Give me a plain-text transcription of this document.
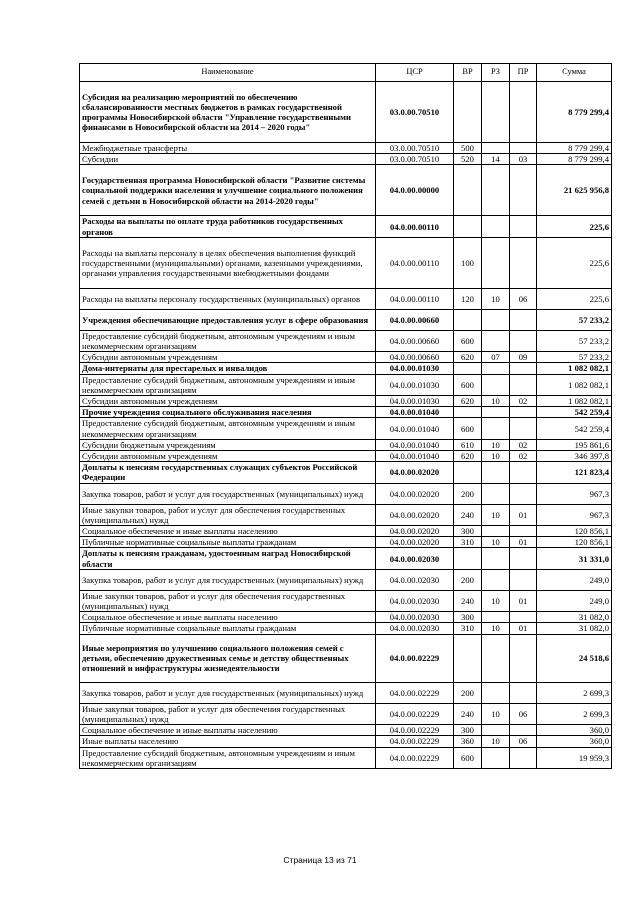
Наименование	ЦСР	ВР	РЗ	ПР	Сумма
Субсидия на реализацию мероприятий по обеспечению сбалансированности местных бюджетов в рамках государственной программы Новосибирской области "Управление государственными финансами в Новосибирской области на 2014 – 2020 годы"	03.0.00.70510				8 779 299,4
Межбюджетные трансферты	03.0.00.70510	500			8 779 299,4
Субсидии	03.0.00.70510	520	14	03	8 779 299,4
Государственная программа Новосибирской области "Развитие системы социальной поддержки населения и улучшение социального положения семей с детьми в Новосибирской области на 2014-2020 годы"	04.0.00.00000				21 625 956,8
Расходы на выплаты по оплате труда работников государственных органов	04.0.00.00110				225,6
Расходы на выплаты персоналу в целях обеспечения выполнения функций государственными (муниципальными) органами, казенными учреждениями, органами управления государственными внебюджетными фондами	04.0.00.00110	100			225,6
Расходы на выплаты персоналу государственных (муниципальных) органов	04.0.00.00110	120	10	06	225,6
Учреждения обеспечивающие предоставления услуг в сфере образования	04.0.00.00660				57 233,2
Предоставление субсидий бюджетным, автономным учреждениям и иным некоммерческим организациям	04.0.00.00660	600			57 233,2
Субсидии автономным учреждениям	04.0.00.00660	620	07	09	57 233,2
Дома-интернаты для престарелых и инвалидов	04.0.00.01030				1 082 082,1
Предоставление субсидий бюджетным, автономным учреждениям и иным некоммерческим организациям	04.0.00.01030	600			1 082 082,1
Субсидии автономным учреждениям	04.0.00.01030	620	10	02	1 082 082,1
Прочие учреждения социального обслуживания населения	04.0.00.01040				542 259,4
Предоставление субсидий бюджетным, автономным учреждениям и иным некоммерческим организациям	04.0.00.01040	600			542 259,4
Субсидии бюджетным учреждениям	04.0.00.01040	610	10	02	195 861,6
Субсидии автономным учреждениям	04.0.00.01040	620	10	02	346 397,8
Доплаты к пенсиям государственных служащих субъектов Российской Федерации	04.0.00.02020				121 823,4
Закупка товаров, работ и услуг для государственных (муниципальных) нужд	04.0.00.02020	200			967,3
Иные закупки товаров, работ и услуг для обеспечения государственных (муниципальных) нужд	04.0.00.02020	240	10	01	967,3
Социальное обеспечение и иные выплаты населению	04.0.00.02020	300			120 856,1
Публичные нормативные социальные выплаты гражданам	04.0.00.02020	310	10	01	120 856,1
Доплаты к пенсиям гражданам, удостоенным наград Новосибирской области	04.0.00.02030				31 331,0
Закупка товаров, работ и услуг для государственных (муниципальных) нужд	04.0.00.02030	200			249,0
Иные закупки товаров, работ и услуг для обеспечения государственных (муниципальных) нужд	04.0.00.02030	240	10	01	249,0
Социальное обеспечение и иные выплаты населению	04.0.00.02030	300			31 082,0
Публичные нормативные социальные выплаты гражданам	04.0.00.02030	310	10	01	31 082,0
Иные мероприятия по улучшению социального положения семей с детьми, обеспечению дружественных семье и детству общественных отношений и инфраструктуры жизнедеятельности	04.0.00.02229				24 518,6
Закупка товаров, работ и услуг для государственных (муниципальных) нужд	04.0.00.02229	200			2 699,3
Иные закупки товаров, работ и услуг для обеспечения государственных (муниципальных) нужд	04.0.00.02229	240	10	06	2 699,3
Социальное обеспечение и иные выплаты населению	04.0.00.02229	300			360,0
Иные выплаты населению	04.0.00.02229	360	10	06	360,0
Предоставление субсидий бюджетным, автономным учреждениям и иным некоммерческим организациям	04.0.00.02229	600			19 959,3
Страница 13 из 71
